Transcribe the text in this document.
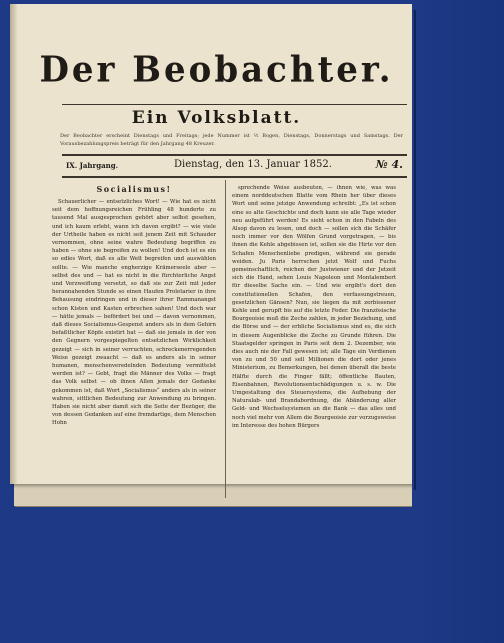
Der Beobachter.
Ein Volksblatt.
Der Beobachter erscheint Dienstags und Freitags; jede Nummer ist ½ Bogen, Dienstags, Donnerstags und Samstags. Der Vorausbezahlungspreis beträgt für den Jahrgang 48 Kreuzer.
IX. Jahrgang.	Dienstag, den 13. Januar 1852.	№ 4.
Socialismus!

Schauerlicher — entsetzliches Wort! — Wie hat es nicht seit dem hoffnungsreichen Frühling 48 hunderte zu tausend Mal ausgesprochen gehört aber selbst gesehen, und ich kaum erlebt, wann ich davon ergibt? — wie viele der Urtheile haben es nicht seit jenem Zeit mit Schauder vernommen, ohne seine wahre Bedeutung begriffen zu haben — ohne sie begreifen zu wollen! Und doch ist es ein so edles Wort, daß es alle Welt begreifen und auswählen sollte. — Wie manche engherzige Krämerseele aber — selbst des und — hat es nicht in die fürchterliche Angst und Verzweiflung versetzt, so daß sie zur Zeit mit jeder herannahenden Stunde so einen Haufen Proletarier in ihre Behausung eindringen und in dieser ihrer Rammanangst schon Kisten und Kasten erbrechen sahen! Und doch war — hätte jemals — befördert bei und — davon vernommen, daß dieses Socialismus-Gespenst anders als in dem Gehirn befaßtlicher Köpfe existirt hat — daß sie jemals in der von den Gegnern vorgespiegelten entsetzlichen Wirklichkeit gezeigt — sich in seiner verruchten, schreckenerregenden Weise gezeigt zwaacht — daß es anders als in seiner humanen, menschenveredelnden Bedeutung vermittelst werden ist? — Gebt, fragt die Männer des Volks — fragt das Volk selbst — ob ihnen Allen jemals der Gedanke gekommen ist, daß Wort „Socialismus“ anders als in seiner wahren, sittlichen Bedeutung zur Anwendung zu bringen. Haben sie nicht aber damit sich die Seite der Bezüger, die von dessen Gedanken auf eine fremdartige, dem Menschen Hohn

sprechende Weise ausbeuten, — ihnen wie, was was einem norddeutschen Blatte vom Rhein her über dieses Wort und seine jetzige Anwendung schreibt: „Es ist schon eine so alte Geschichte und doch kann sie alle Tage wieder neu aufgeführt werden! Es sieht schon in den Fabeln des Alsop davon zu lesen, und doch — sollen sich die Schäfer noch immer vor den Wölfen Grund vorgetragen, — bis ihnen die Kehle abgebissen ist, sollen sie die Hirte vor den Schafen Menschenliebe predigen, während sie gerade weiden. Ju Paris herrschen jetzt Wolf und Fuchs gemeinschaftlich, reichen der Justwiener und der Jetzeit sich die Hand, sehen Louis Napoleon und Montalembert für dieselbe Sache ein. — Und wie ergibt's dort den constitutionellen Schafen, den verfassungstreuen, gesetzlichen Gänsen? Nun, sie liegen da mit zerbissener Kehle und gerupft bis auf die letzte Feder. Die französische Bourgeoisie muß die Zeche zahlen, in jeder Beziehung, und die Börse und — der erbliche Socialismus sind es, die sich in diesem Augenblicke die Zeche zu Grunde führen. Die Staatsgelder springen in Paris seit dem 2. Dezember, wie dies auch nie der Fall gewesen ist; alle Tage ein Verdienen von zu und 50 und sell Millionen die dort oder jenes Ministerium, zu Bemerkungen, bei denen überall die beste Hälfte durch die Finger fällt; öffentliche Bauten, Eisenbahnen, Revolutionsentschädigungen u. s. w. Die Umgestaltung des Steuersystems, die Aufhebung der Naturalab- und Brandabordnung, die Abänderung aller Geld- und Wechselsystemen an die Bank — das alles und noch viel mehr von Allem die Bourgeoisie zur vorzugsweise im Interesse des hohen Bürgers
